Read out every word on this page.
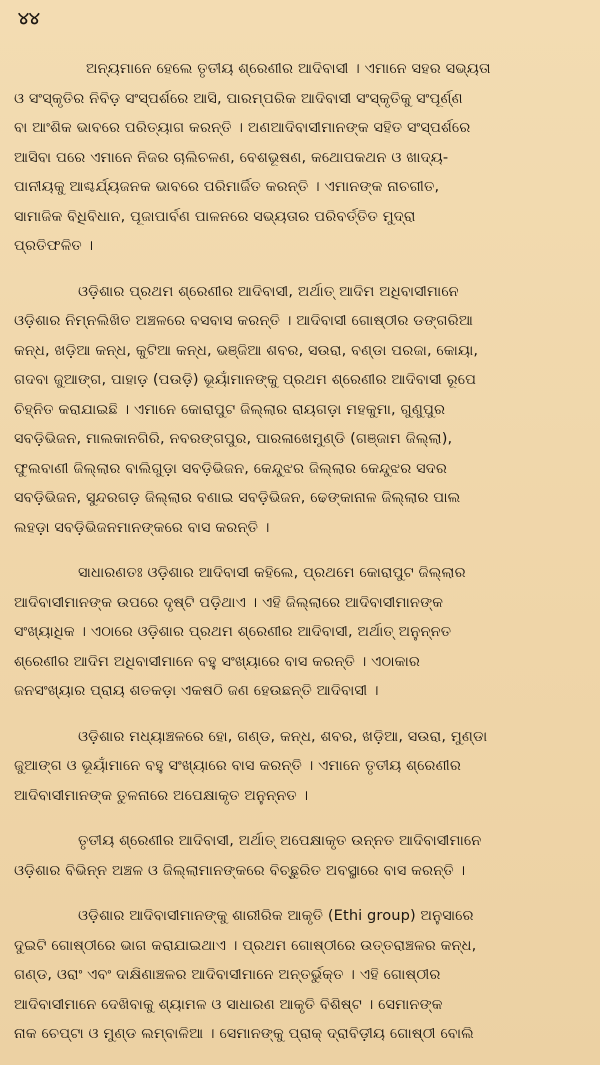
୪୪
ଅନ୍ୟମାନେ ହେଲେ ତୃତୀୟ ଶ୍ରେଣୀର ଆଦିବାସୀ । ଏମାନେ ସହର ସଭ୍ୟତା
ଓ ସଂସ୍କୃତିର ନିବିଡ଼ ସଂସ୍ପର୍ଶରେ ଆସି, ପାରମ୍ପରିକ ଆଦିବାସୀ ସଂସ୍କୃତିକୁ ସଂପୂର୍ଣ୍ଣ
ବା ଆଂଶିକ ଭାବରେ ପରିତ୍ୟାଗ କରନ୍ତି । ଅଣଆଦିବାସୀମାନଙ୍କ ସହିତ ସଂସ୍ପର୍ଶରେ
ଆସିବା ପରେ ଏମାନେ ନିଜର ଚାଲିଚଳଣ, ବେଶଭୂଷଣ, କଥୋପକଥନ ଓ ଖାଦ୍ୟ-
ପାନୀୟକୁ ଆଶ୍ଚର୍ଯ୍ୟଜନକ ଭାବରେ ପରିମାର୍ଜିତ କରନ୍ତି । ଏମାନଙ୍କ ନାଚଗୀତ,
ସାମାଜିକ ବିଧିବିଧାନ, ପୂଜାପାର୍ବଣ ପାଳନରେ ସଭ୍ୟତାର ପରିବର୍ତ୍ତିତ ମୁଦ୍ରା
ପ୍ରତିଫଳିତ ।
ଓଡ଼ିଶାର ପ୍ରଥମ ଶ୍ରେଣୀର ଆଦିବାସୀ, ଅର୍ଥାତ୍ ଆଦିମ ଅଧିବାସୀମାନେ
ଓଡ଼ିଶାର ନିମ୍ନଲିଖିତ ଅଞ୍ଚଳରେ ବସବାସ କରନ୍ତି । ଆଦିବାସୀ ଗୋଷ୍ଠୀର ଡଙ୍ଗରିଆ
କନ୍ଧ, ଖଡ଼ିଆ କନ୍ଧ, କୁଟିଆ କନ୍ଧ, ଭଞ୍ଜିଆ ଶବର, ସଉରା, ବଣ୍ଡା ପରଜା, କୋୟା,
ଗଦବା ଜୁଆଙ୍ଗ, ପାହାଡ଼ (ପଉଡ଼ି) ଭୂୟାଁମାନଙ୍କୁ ପ୍ରଥମ ଶ୍ରେଣୀର ଆଦିବାସୀ ରୂପେ
ଚିହ୍ନିତ କରାଯାଇଛି । ଏମାନେ କୋରାପୁଟ ଜିଲ୍ଲାର ରାୟଗଡ଼ା ମହକୁମା, ଗୁଣୁପୁର
ସବଡ଼ିଭିଜନ, ମାଲକାନଗିରି, ନବରଙ୍ଗପୁର, ପାରଳାଖେମୁଣ୍ଡି (ଗଞ୍ଜାମ ଜିଲ୍ଲା),
ଫୁଲବାଣୀ ଜିଲ୍ଲାର ବାଲିଗୁଡ଼ା ସବଡ଼ିଭିଜନ, କେନ୍ଦୁଝର ଜିଲ୍ଲାର କେନ୍ଦୁଝର ସଦର
ସବଡ଼ିଭିଜନ, ସୁନ୍ଦରଗଡ଼ ଜିଲ୍ଲାର ବଣାଇ ସବଡ଼ିଭିଜନ, ଢେଙ୍କାନାଳ ଜିଲ୍ଲାର ପାଲ
ଲହଡ଼ା ସବଡ଼ିଭିଜନମାନଙ୍କରେ ବାସ କରନ୍ତି ।
ସାଧାରଣତଃ ଓଡ଼ିଶାର ଆଦିବାସୀ କହିଲେ, ପ୍ରଥମେ କୋରାପୁଟ ଜିଲ୍ଲାର
ଆଦିବାସୀମାନଙ୍କ ଉପରେ ଦୃଷ୍ଟି ପଡ଼ିଥାଏ । ଏହି ଜିଲ୍ଲାରେ ଆଦିବାସୀମାନଙ୍କ
ସଂଖ୍ୟାଧିକ । ଏଠାରେ ଓଡ଼ିଶାର ପ୍ରଥମ ଶ୍ରେଣୀର ଆଦିବାସୀ, ଅର୍ଥାତ୍ ଅନୁନ୍ନତ
ଶ୍ରେଣୀର ଆଦିମ ଅଧିବାସୀମାନେ ବହୁ ସଂଖ୍ୟାରେ ବାସ କରନ୍ତି । ଏଠାକାର
ଜନସଂଖ୍ୟାର ପ୍ରାୟ ଶତକଡ଼ା ଏକଷଠି ଜଣ ହେଉଛନ୍ତି ଆଦିବାସୀ ।
ଓଡ଼ିଶାର ମଧ୍ୟାଞ୍ଚଳରେ ହୋ, ଗଣ୍ଡ, କନ୍ଧ, ଶବର, ଖଡ଼ିଆ, ସଉରା, ମୁଣ୍ଡା
ଜୁଆଙ୍ଗ ଓ ଭୂୟାଁମାନେ ବହୁ ସଂଖ୍ୟାରେ ବାସ କରନ୍ତି । ଏମାନେ ତୃତୀୟ ଶ୍ରେଣୀର
ଆଦିବାସୀମାନଙ୍କ ତୁଳନାରେ ଅପେକ୍ଷାକୃତ ଅନୁନ୍ନତ ।
ତୃତୀୟ ଶ୍ରେଣୀର ଆଦିବାସୀ, ଅର୍ଥାତ୍ ଅପେକ୍ଷାକୃତ ଉନ୍ନତ ଆଦିବାସୀମାନେ
ଓଡ଼ିଶାର ବିଭିନ୍ନ ଅଞ୍ଚଳ ଓ ଜିଲ୍ଲାମାନଙ୍କରେ ବିଚ୍ଛୁରିତ ଅବସ୍ଥାରେ ବାସ କରନ୍ତି ।
ଓଡ଼ିଶାର ଆଦିବାସୀମାନଙ୍କୁ ଶାରୀରିକ ଆକୃତି (Ethi group) ଅନୁସାରେ
ଦୁଇଟି ଗୋଷ୍ଠୀରେ ଭାଗ କରାଯାଇଥାଏ । ପ୍ରଥମ ଗୋଷ୍ଠୀରେ ଉତ୍ତରାଞ୍ଚଳର କନ୍ଧ,
ଗଣ୍ଡ, ଓରାଂ ଏବଂ ଦାକ୍ଷିଣାଞ୍ଚଳର ଆଦିବାସୀମାନେ ଅନ୍ତର୍ଭୁକ୍ତ । ଏହି ଗୋଷ୍ଠୀର
ଆଦିବାସୀମାନେ ଦେଖିବାକୁ ଶ୍ୟାମଳ ଓ ସାଧାରଣ ଆକୃତି ବିଶିଷ୍ଟ । ସେମାନଙ୍କ
ନାକ ଚେପ୍ଟା ଓ ମୁଣ୍ଡ ଲମ୍ବାଳିଆ । ସେମାନଙ୍କୁ ପ୍ରାକ୍ ଦ୍ରାବିଡ଼ୀୟ ଗୋଷ୍ଠୀ ବୋଲି
